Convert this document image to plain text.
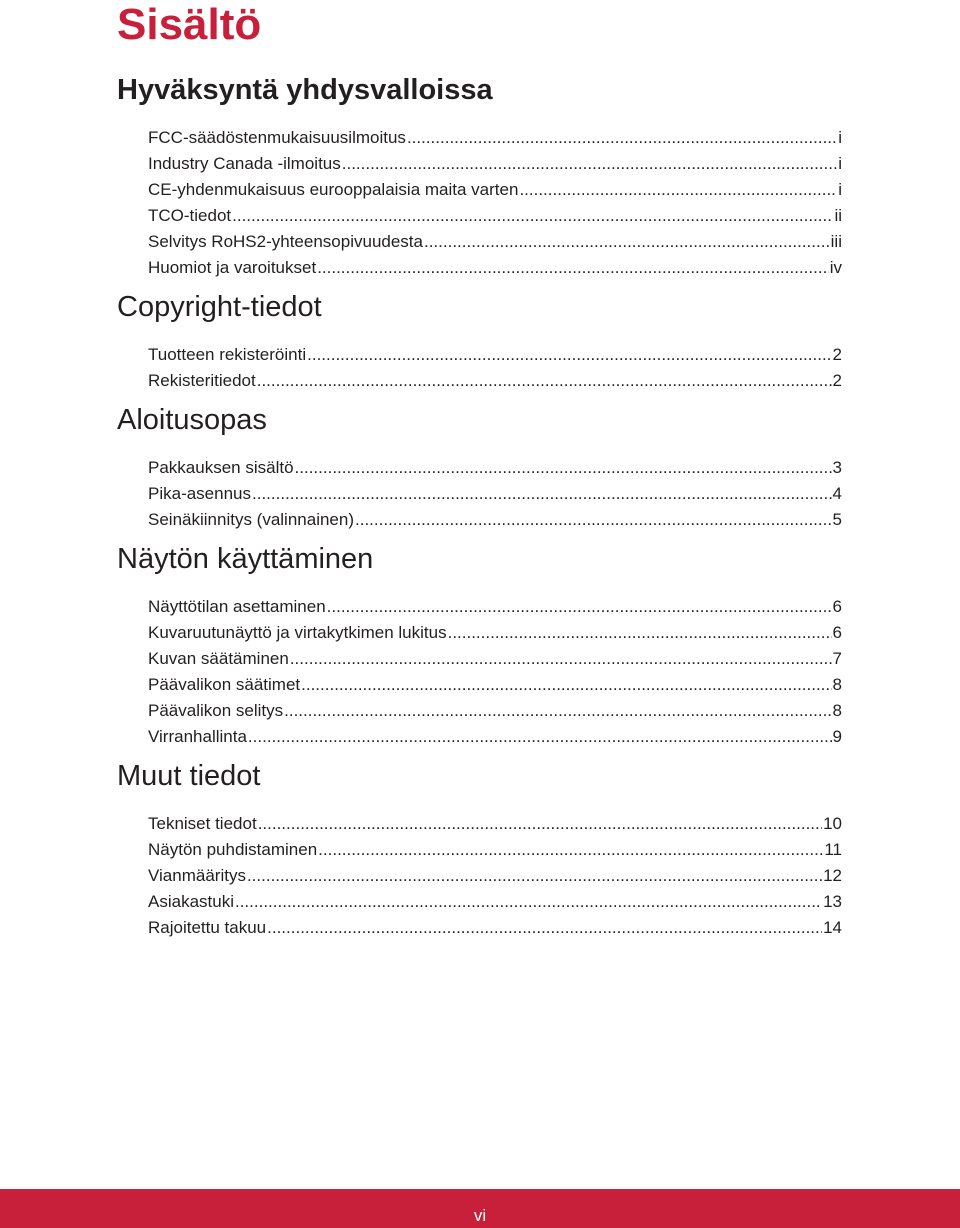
Sisältö
Hyväksyntä yhdysvalloissa
FCC-säädöstenmukaisuusilmoitus .....	i
Industry Canada -ilmoitus .....	i
CE-yhdenmukaisuus eurooppalaisia maita varten .....	i
TCO-tiedot .....	ii
Selvitys RoHS2-yhteensopivuudesta .....	iii
Huomiot ja varoitukset .....	iv
Copyright-tiedot
Tuotteen rekisteröinti .....	2
Rekisteritiedot .....	2
Aloitusopas
Pakkauksen sisältö .....	3
Pika-asennus .....	4
Seinäkiinnitys (valinnainen) .....	5
Näytön käyttäminen
Näyttötilan asettaminen .....	6
Kuvaruutunäyttö ja virtakytkimen lukitus .....	6
Kuvan säätäminen .....	7
Päävalikon säätimet .....	8
Päävalikon selitys .....	8
Virranhallinta .....	9
Muut tiedot
Tekniset tiedot .....	10
Näytön puhdistaminen .....	11
Vianmääritys .....	12
Asiakastuki .....	13
Rajoitettu takuu .....	14
vi
